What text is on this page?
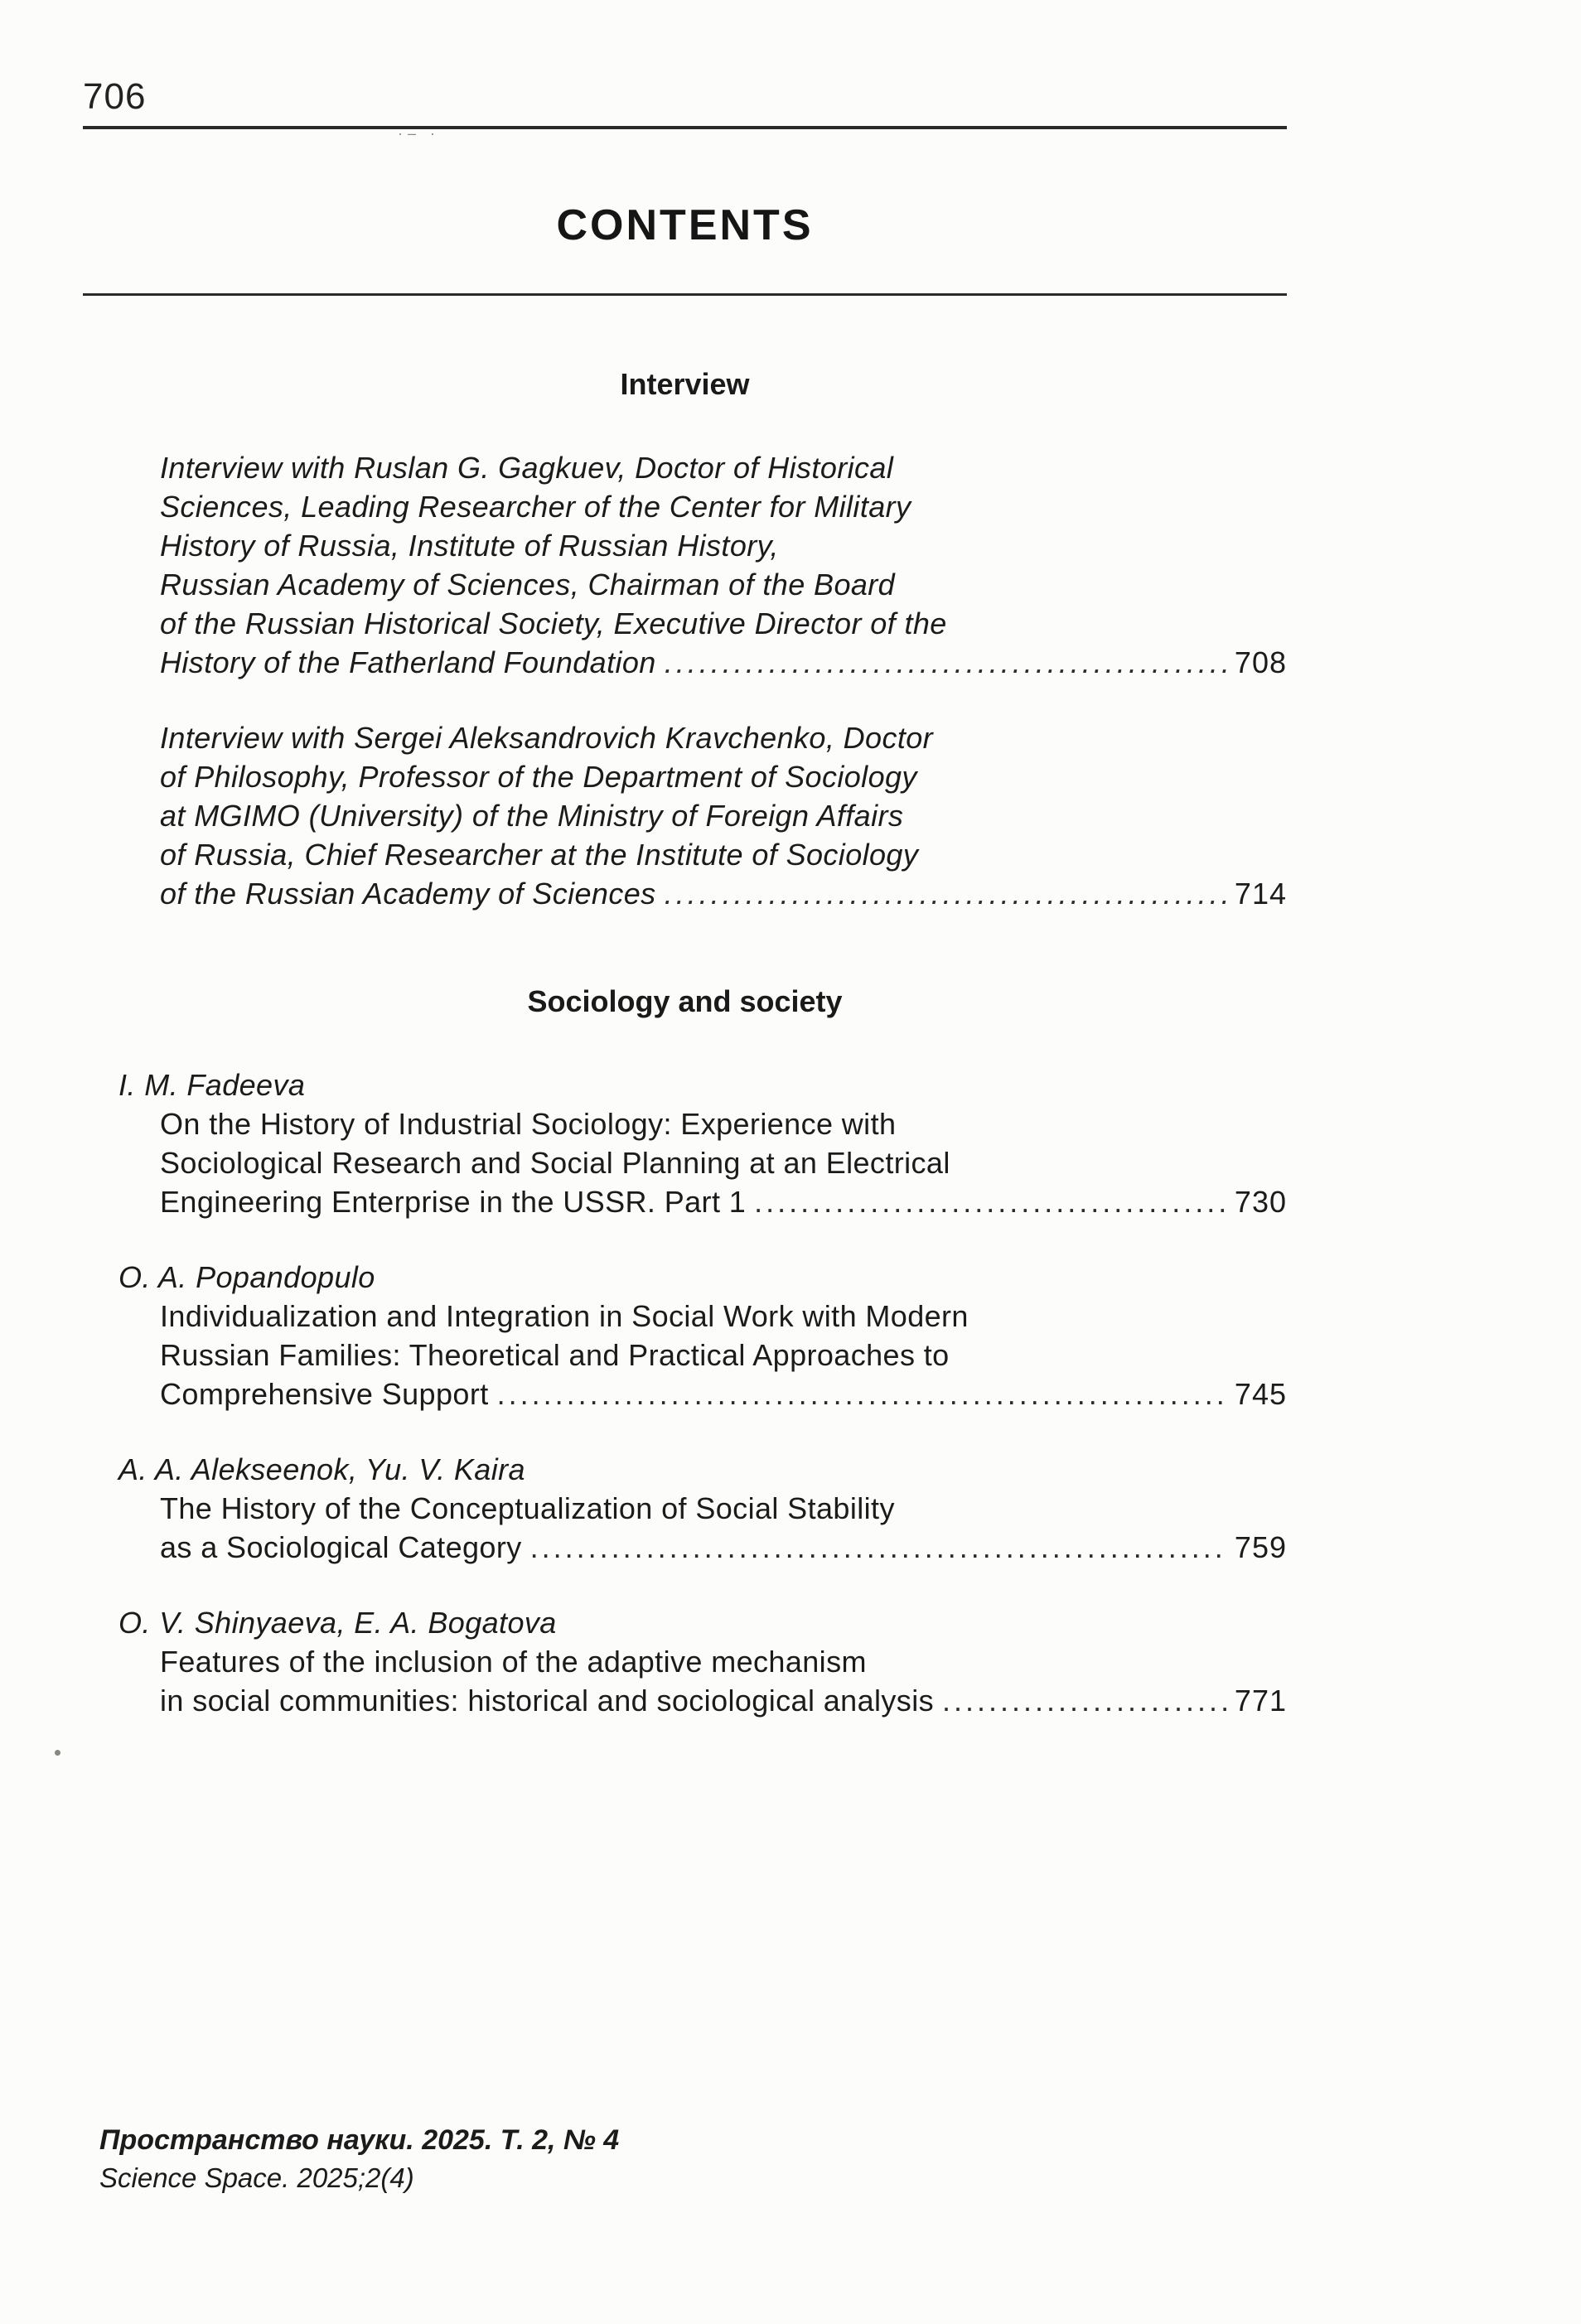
706
·– ·
CONTENTS
Interview
Interview with Ruslan G. Gagkuev, Doctor of Historical
Sciences, Leading Researcher of the Center for Military
History of Russia, Institute of Russian History,
Russian Academy of Sciences, Chairman of the Board
of the Russian Historical Society, Executive Director of the
History of the Fatherland Foundation .....	708
Interview with Sergei Aleksandrovich Kravchenko, Doctor
of Philosophy, Professor of the Department of Sociology
at MGIMO (University) of the Ministry of Foreign Affairs
of Russia, Chief Researcher at the Institute of Sociology
of the Russian Academy of Sciences .....	714
Sociology and society
I. M. Fadeeva
On the History of Industrial Sociology: Experience with
Sociological Research and Social Planning at an Electrical
Engineering Enterprise in the USSR. Part 1 .....	730
O. A. Popandopulo
Individualization and Integration in Social Work with Modern
Russian Families: Theoretical and Practical Approaches to
Comprehensive Support .....	745
A. A. Alekseenok, Yu. V. Kaira
The History of the Conceptualization of Social Stability
as a Sociological Category .....	759
O. V. Shinyaeva, E. A. Bogatova
Features of the inclusion of the adaptive mechanism
in social communities: historical and sociological analysis .....	771
Пространство науки. 2025. Т. 2, № 4
Science Space. 2025;2(4)
